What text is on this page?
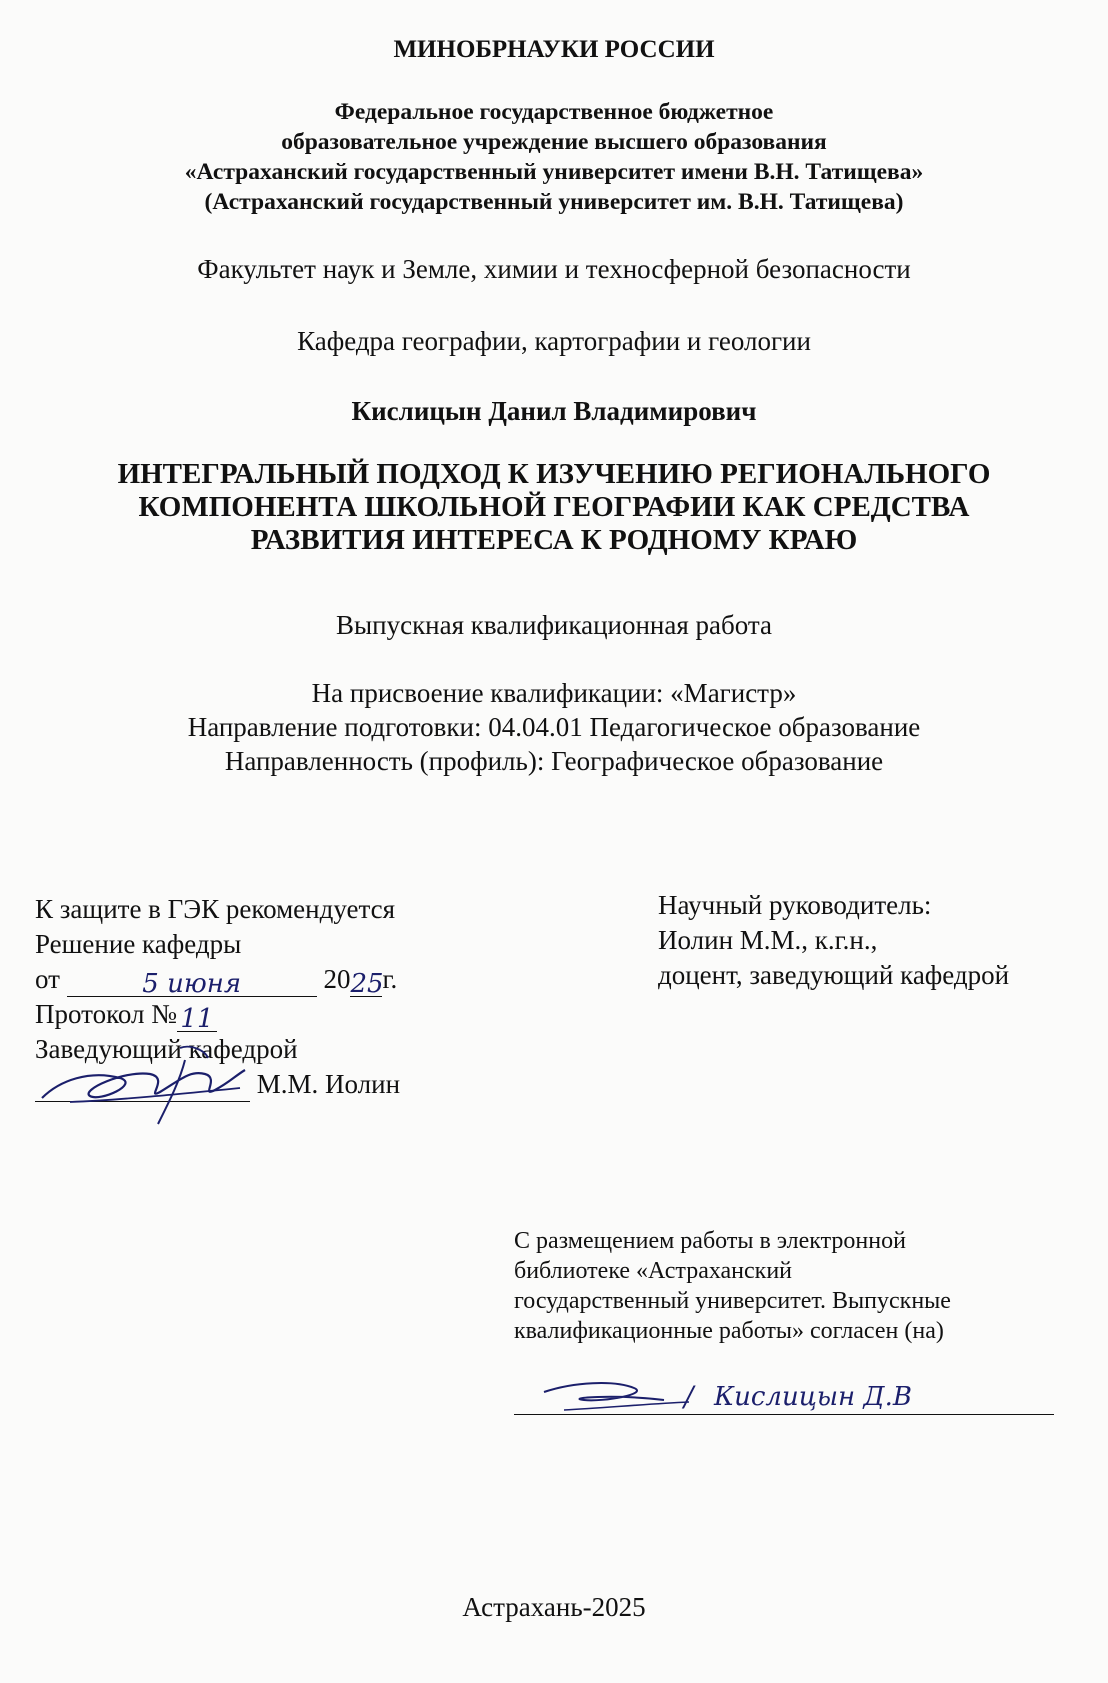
МИНОБРНАУКИ РОССИИ
Федеральное государственное бюджетное
образовательное учреждение высшего образования
«Астраханский государственный университет имени В.Н. Татищева»
(Астраханский государственный университет им. В.Н. Татищева)
Факультет наук и Земле, химии и техносферной безопасности
Кафедра географии, картографии и геологии
Кислицын Данил Владимирович
ИНТЕГРАЛЬНЫЙ ПОДХОД К ИЗУЧЕНИЮ РЕГИОНАЛЬНОГО
КОМПОНЕНТА ШКОЛЬНОЙ ГЕОГРАФИИ КАК СРЕДСТВА
РАЗВИТИЯ ИНТЕРЕСА К РОДНОМУ КРАЮ
Выпускная квалификационная работа
На присвоение квалификации: «Магистр»
Направление подготовки: 04.04.01 Педагогическое образование
Направленность (профиль): Географическое образование
К защите в ГЭК рекомендуется
Решение кафедры
от	5 июня	2025г.
Протокол № 11
Заведующий кафедрой
М.М. Иолин
Научный руководитель:
Иолин М.М., к.г.н.,
доцент, заведующий кафедрой
С размещением работы в электронной
библиотеке «Астраханский
государственный университет. Выпускные
квалификационные работы» согласен (на)
/ Кислицын Д.В
Астрахань-2025
